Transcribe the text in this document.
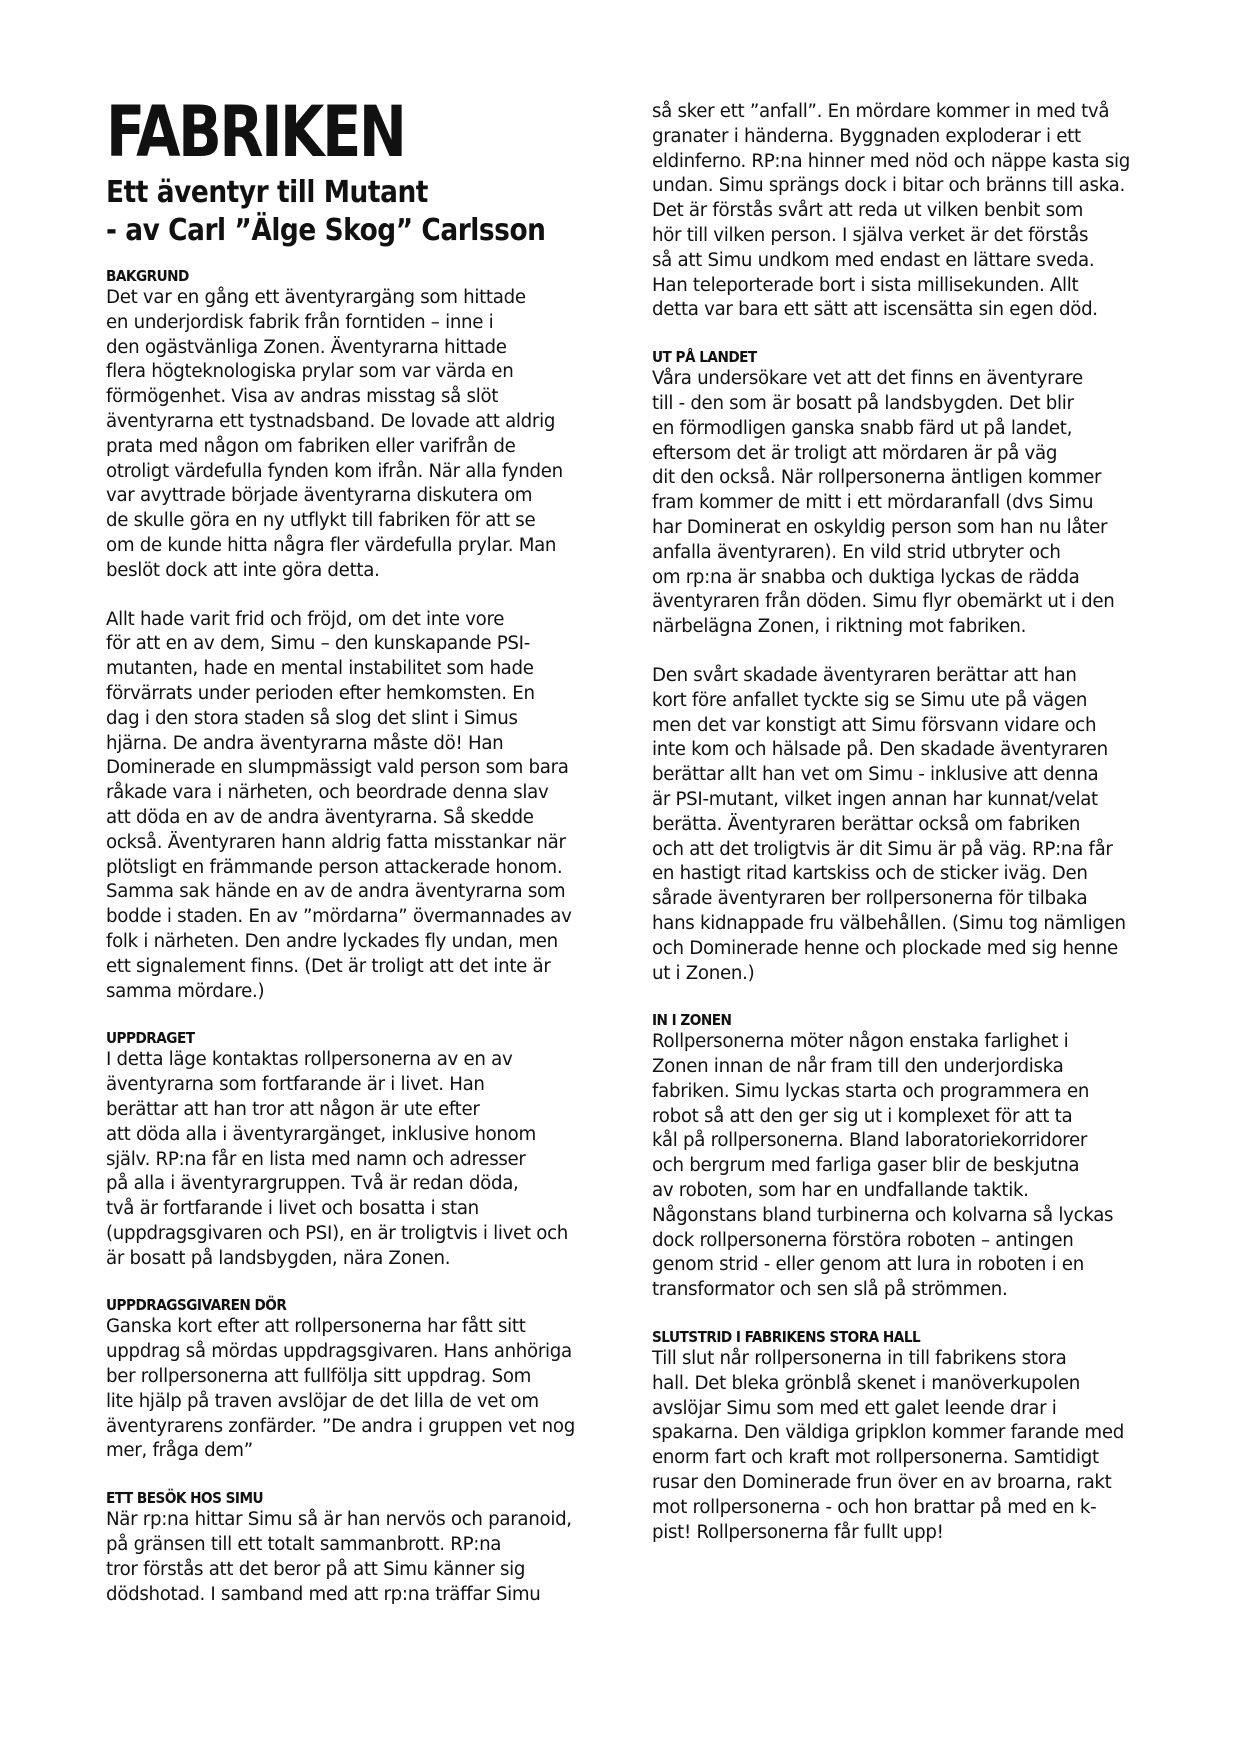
FABRIKEN
Ett äventyr till Mutant
- av Carl ”Älge Skog” Carlsson
BAKGRUND

Det var en gång ett äventyrargäng som hittade
en underjordisk fabrik från forntiden – inne i
den ogästvänliga Zonen. Äventyrarna hittade
flera högteknologiska prylar som var värda en
förmögenhet. Visa av andras misstag så slöt
äventyrarna ett tystnadsband. De lovade att aldrig
prata med någon om fabriken eller varifrån de
otroligt värdefulla fynden kom ifrån. När alla fynden
var avyttrade började äventyrarna diskutera om
de skulle göra en ny utflykt till fabriken för att se
om de kunde hitta några fler värdefulla prylar. Man
beslöt dock att inte göra detta.

Allt hade varit frid och fröjd, om det inte vore
för att en av dem, Simu – den kunskapande PSI-
mutanten, hade en mental instabilitet som hade
förvärrats under perioden efter hemkomsten. En
dag i den stora staden så slog det slint i Simus
hjärna. De andra äventyrarna måste dö! Han
Dominerade en slumpmässigt vald person som bara
råkade vara i närheten, och beordrade denna slav
att döda en av de andra äventyrarna. Så skedde
också. Äventyraren hann aldrig fatta misstankar när
plötsligt en främmande person attackerade honom.
Samma sak hände en av de andra äventyrarna som
bodde i staden. En av ”mördarna” övermannades av
folk i närheten. Den andre lyckades fly undan, men
ett signalement finns. (Det är troligt att det inte är
samma mördare.)

UPPDRAGET

I detta läge kontaktas rollpersonerna av en av
äventyrarna som fortfarande är i livet. Han
berättar att han tror att någon är ute efter
att döda alla i äventyrargänget, inklusive honom
själv. RP:na får en lista med namn och adresser
på alla i äventyrargruppen. Två är redan döda,
två är fortfarande i livet och bosatta i stan
(uppdragsgivaren och PSI), en är troligtvis i livet och
är bosatt på landsbygden, nära Zonen.

UPPDRAGSGIVAREN DÖR

Ganska kort efter att rollpersonerna har fått sitt
uppdrag så mördas uppdragsgivaren. Hans anhöriga
ber rollpersonerna att fullfölja sitt uppdrag. Som
lite hjälp på traven avslöjar de det lilla de vet om
äventyrarens zonfärder. ”De andra i gruppen vet nog
mer, fråga dem”

ETT BESÖK HOS SIMU

När rp:na hittar Simu så är han nervös och paranoid,
på gränsen till ett totalt sammanbrott. RP:na
tror förstås att det beror på att Simu känner sig
dödshotad. I samband med att rp:na träffar Simu

så sker ett ”anfall”. En mördare kommer in med två
granater i händerna. Byggnaden exploderar i ett
eldinferno. RP:na hinner med nöd och näppe kasta sig
undan. Simu sprängs dock i bitar och bränns till aska.
Det är förstås svårt att reda ut vilken benbit som
hör till vilken person. I själva verket är det förstås
så att Simu undkom med endast en lättare sveda.
Han teleporterade bort i sista millisekunden. Allt
detta var bara ett sätt att iscensätta sin egen död.

UT PÅ LANDET

Våra undersökare vet att det finns en äventyrare
till - den som är bosatt på landsbygden. Det blir
en förmodligen ganska snabb färd ut på landet,
eftersom det är troligt att mördaren är på väg
dit den också. När rollpersonerna äntligen kommer
fram kommer de mitt i ett mördaranfall (dvs Simu
har Dominerat en oskyldig person som han nu låter
anfalla äventyraren). En vild strid utbryter och
om rp:na är snabba och duktiga lyckas de rädda
äventyraren från döden. Simu flyr obemärkt ut i den
närbelägna Zonen, i riktning mot fabriken.

Den svårt skadade äventyraren berättar att han
kort före anfallet tyckte sig se Simu ute på vägen
men det var konstigt att Simu försvann vidare och
inte kom och hälsade på. Den skadade äventyraren
berättar allt han vet om Simu - inklusive att denna
är PSI-mutant, vilket ingen annan har kunnat/velat
berätta. Äventyraren berättar också om fabriken
och att det troligtvis är dit Simu är på väg. RP:na får
en hastigt ritad kartskiss och de sticker iväg. Den
sårade äventyraren ber rollpersonerna för tilbaka
hans kidnappade fru välbehållen. (Simu tog nämligen
och Dominerade henne och plockade med sig henne
ut i Zonen.)

IN I ZONEN

Rollpersonerna möter någon enstaka farlighet i
Zonen innan de når fram till den underjordiska
fabriken. Simu lyckas starta och programmera en
robot så att den ger sig ut i komplexet för att ta
kål på rollpersonerna. Bland laboratoriekorridorer
och bergrum med farliga gaser blir de beskjutna
av roboten, som har en undfallande taktik.
Någonstans bland turbinerna och kolvarna så lyckas
dock rollpersonerna förstöra roboten – antingen
genom strid - eller genom att lura in roboten i en
transformator och sen slå på strömmen.

SLUTSTRID I FABRIKENS STORA HALL

Till slut når rollpersonerna in till fabrikens stora
hall. Det bleka grönblå skenet i manöverkupolen
avslöjar Simu som med ett galet leende drar i
spakarna. Den väldiga gripklon kommer farande med
enorm fart och kraft mot rollpersonerna. Samtidigt
rusar den Dominerade frun över en av broarna, rakt
mot rollpersonerna - och hon brattar på med en k-
pist! Rollpersonerna får fullt upp!
